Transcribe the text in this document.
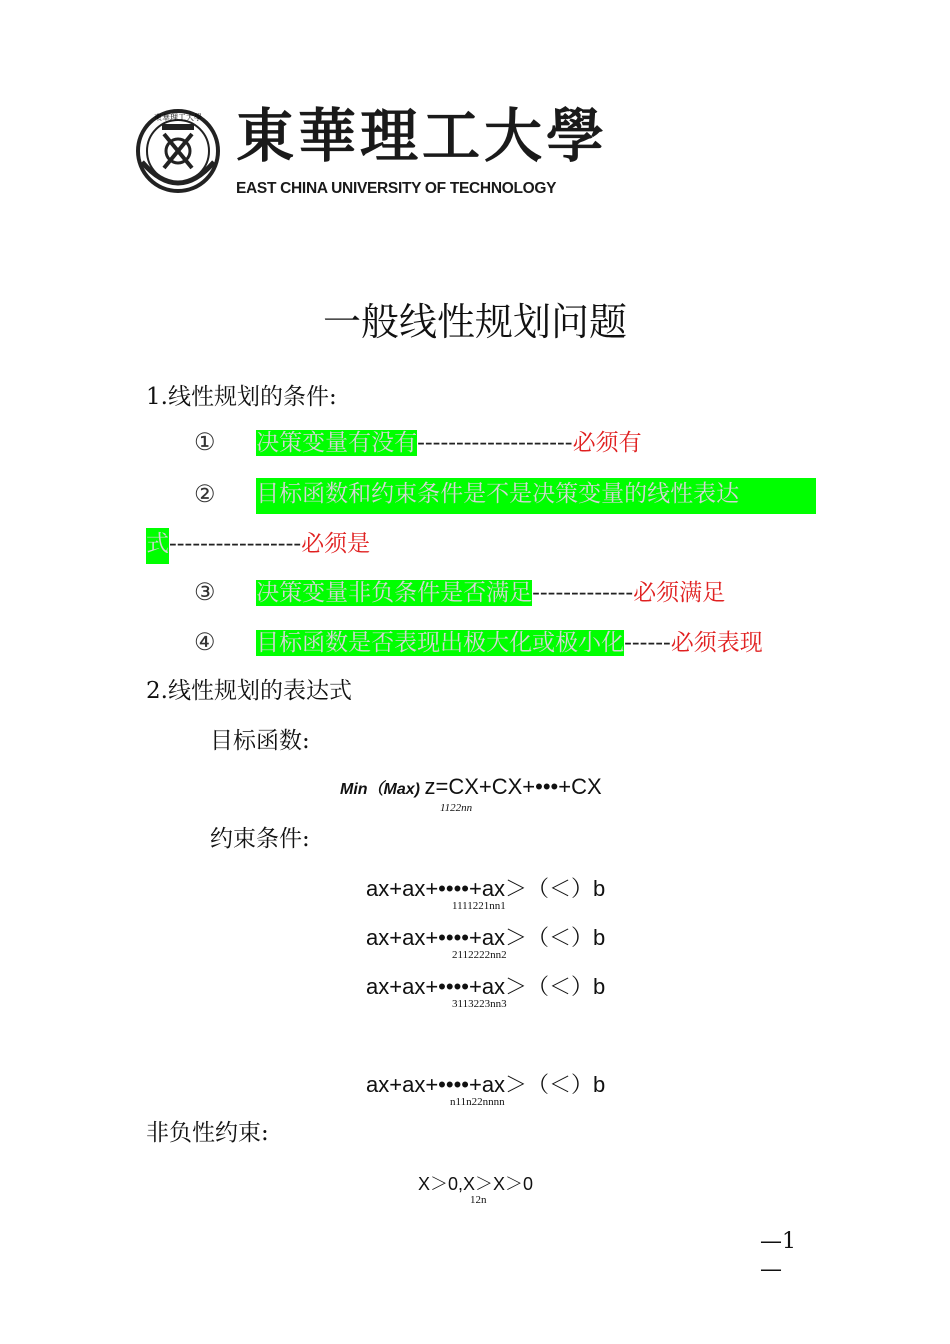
東華理工大學 東華理工大學
EAST CHINA UNIVERSITY OF TECHNOLOGY
一般线性规划问题
1.线性规划的条件:
① 决策变量有没有--------------------必须有
② 目标函数和约束条件是不是决策变量的线性表达
式-----------------必须是
③ 决策变量非负条件是否满足-------------必须满足
④ 目标函数是否表现出极大化或极小化------必须表现
2.线性规划的表达式
目标函数:
Min（Max) z=CX+CX+•••+CX
1122nn
约束条件:
ax+ax+••••+ax＞（＜）b
1111221nn1
ax+ax+••••+ax＞（＜）b
2112222nn2
ax+ax+••••+ax＞（＜）b
3113223nn3
ax+ax+••••+ax＞（＜）b
n11n22nnnn
非负性约束:
X＞0,X＞X＞0
12n
—1
—
